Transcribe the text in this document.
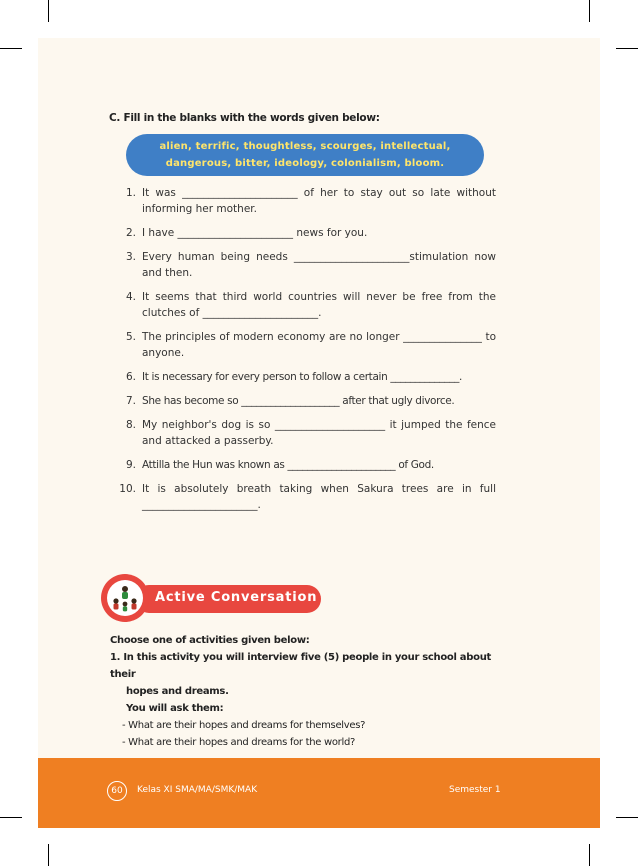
C. Fill in the blanks with the words given below:
alien, terrific, thoughtless, scourges, intellectual,
dangerous, bitter, ideology, colonialism, bloom.
1. It was ______________________ of her to stay out so late without informing her mother.
2. I have ______________________ news for you.
3. Every human being needs ______________________stimulation now and then.
4. It seems that third world countries will never be free from the clutches of ______________________.
5. The principles of modern economy are no longer _______________ to anyone.
6. It is necessary for every person to follow a certain ______________.
7. She has become so ____________________ after that ugly divorce.
8. My neighbor's dog is so _____________________ it jumped the fence and attacked a passerby.
9. Attilla the Hun was known as ______________________ of God.
10. It is absolutely breath taking when Sakura trees are in full ______________________.
Active Conversation
Choose one of activities given below:
1. In this activity you will interview five (5) people in your school about their
hopes and dreams.
You will ask them:
- What are their hopes and dreams for themselves?
- What are their hopes and dreams for the world?
60	Kelas XI SMA/MA/SMK/MAK	Semester 1
